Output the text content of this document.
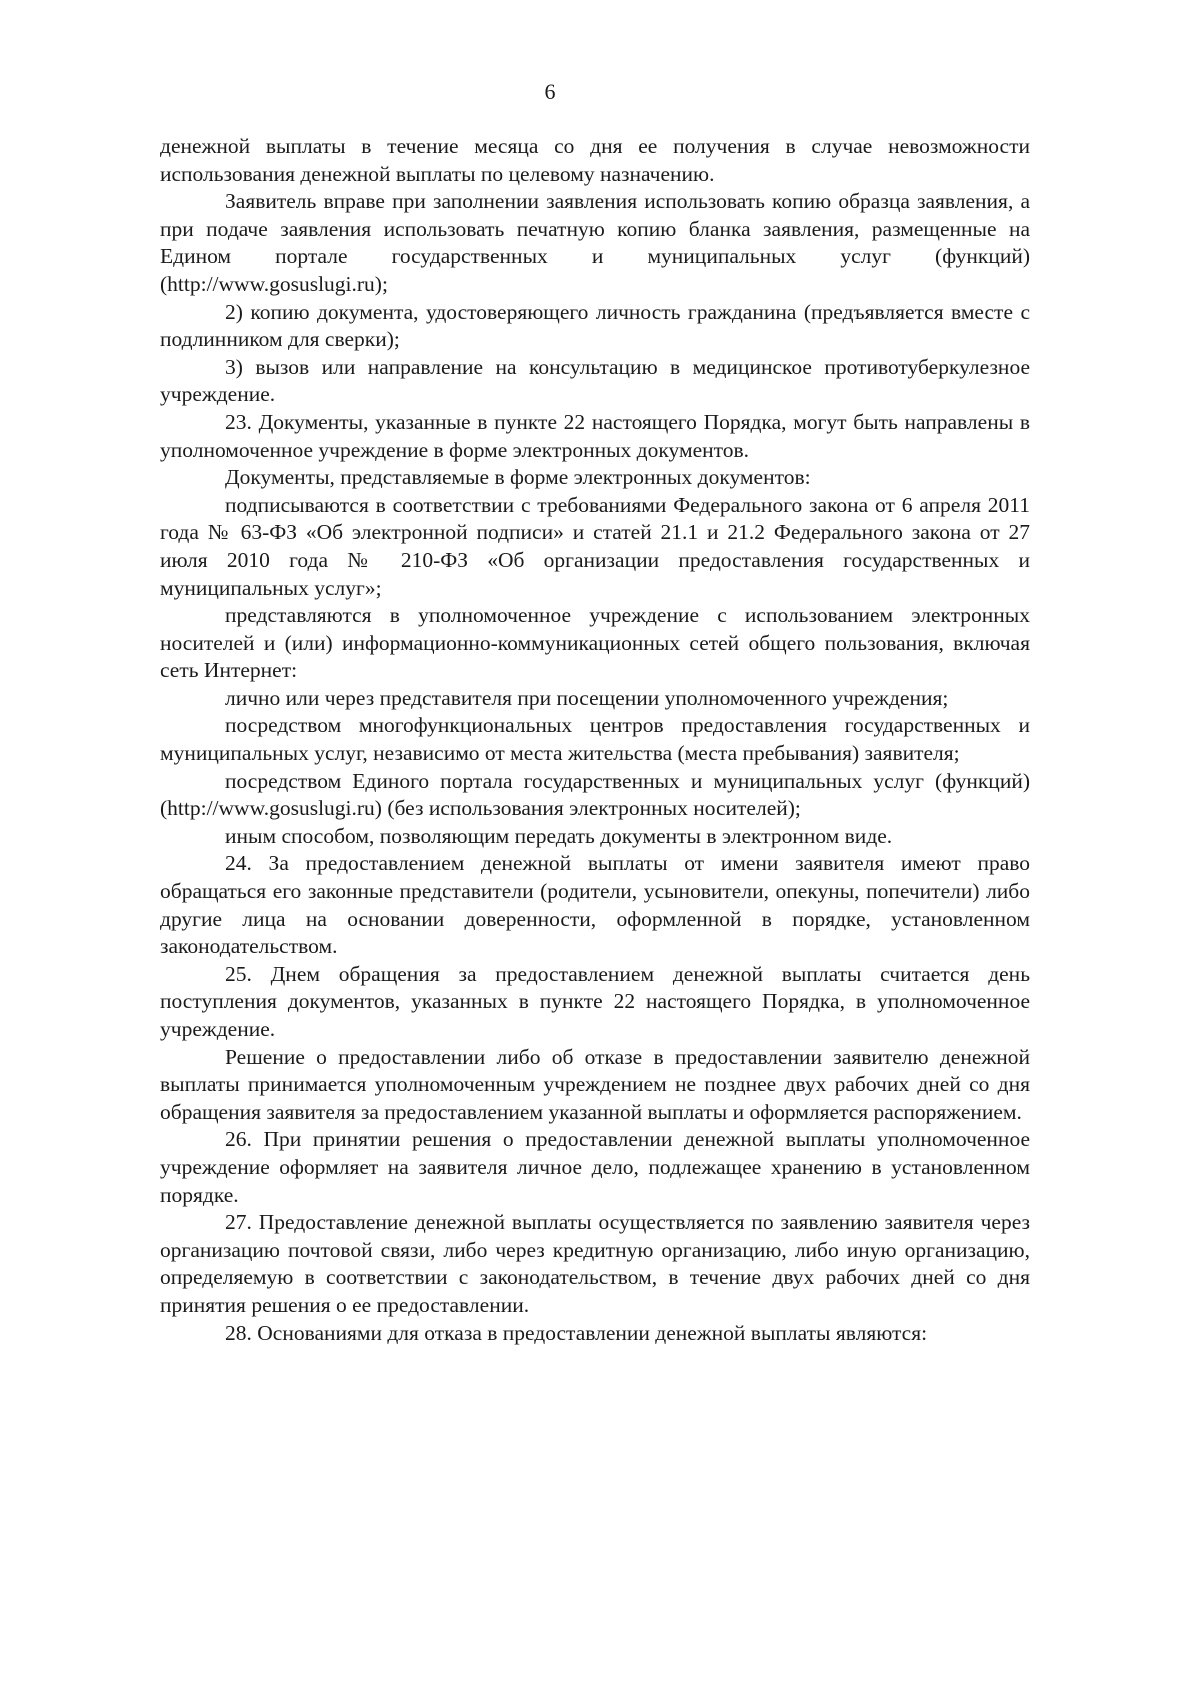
6

денежной выплаты в течение месяца со дня ее получения в случае невозможности использования денежной выплаты по целевому назначению.

Заявитель вправе при заполнении заявления использовать копию образца заявления, а при подаче заявления использовать печатную копию бланка заявления, размещенные на Едином портале государственных и муниципальных услуг (функций) (http://www.gosuslugi.ru);

2) копию документа, удостоверяющего личность гражданина (предъявляется вместе с подлинником для сверки);

3) вызов или направление на консультацию в медицинское противотуберкулезное учреждение.

23. Документы, указанные в пункте 22 настоящего Порядка, могут быть направлены в уполномоченное учреждение в форме электронных документов.

Документы, представляемые в форме электронных документов:

подписываются в соответствии с требованиями Федерального закона от 6 апреля 2011 года № 63-ФЗ «Об электронной подписи» и статей 21.1 и 21.2 Федерального закона от 27 июля 2010 года № 210-ФЗ «Об организации предоставления государственных и муниципальных услуг»;

представляются в уполномоченное учреждение с использованием электронных носителей и (или) информационно-коммуникационных сетей общего пользования, включая сеть Интернет:

лично или через представителя при посещении уполномоченного учреждения;

посредством многофункциональных центров предоставления государственных и муниципальных услуг, независимо от места жительства (места пребывания) заявителя;

посредством Единого портала государственных и муниципальных услуг (функций) (http://www.gosuslugi.ru) (без использования электронных носителей);

иным способом, позволяющим передать документы в электронном виде.

24. За предоставлением денежной выплаты от имени заявителя имеют право обращаться его законные представители (родители, усыновители, опекуны, попечители) либо другие лица на основании доверенности, оформленной в порядке, установленном законодательством.

25. Днем обращения за предоставлением денежной выплаты считается день поступления документов, указанных в пункте 22 настоящего Порядка, в уполномоченное учреждение.

Решение о предоставлении либо об отказе в предоставлении заявителю денежной выплаты принимается уполномоченным учреждением не позднее двух рабочих дней со дня обращения заявителя за предоставлением указанной выплаты и оформляется распоряжением.

26. При принятии решения о предоставлении денежной выплаты уполномоченное учреждение оформляет на заявителя личное дело, подлежащее хранению в установленном порядке.

27. Предоставление денежной выплаты осуществляется по заявлению заявителя через организацию почтовой связи, либо через кредитную организацию, либо иную организацию, определяемую в соответствии с законодательством, в течение двух рабочих дней со дня принятия решения о ее предоставлении.

28. Основаниями для отказа в предоставлении денежной выплаты являются:
